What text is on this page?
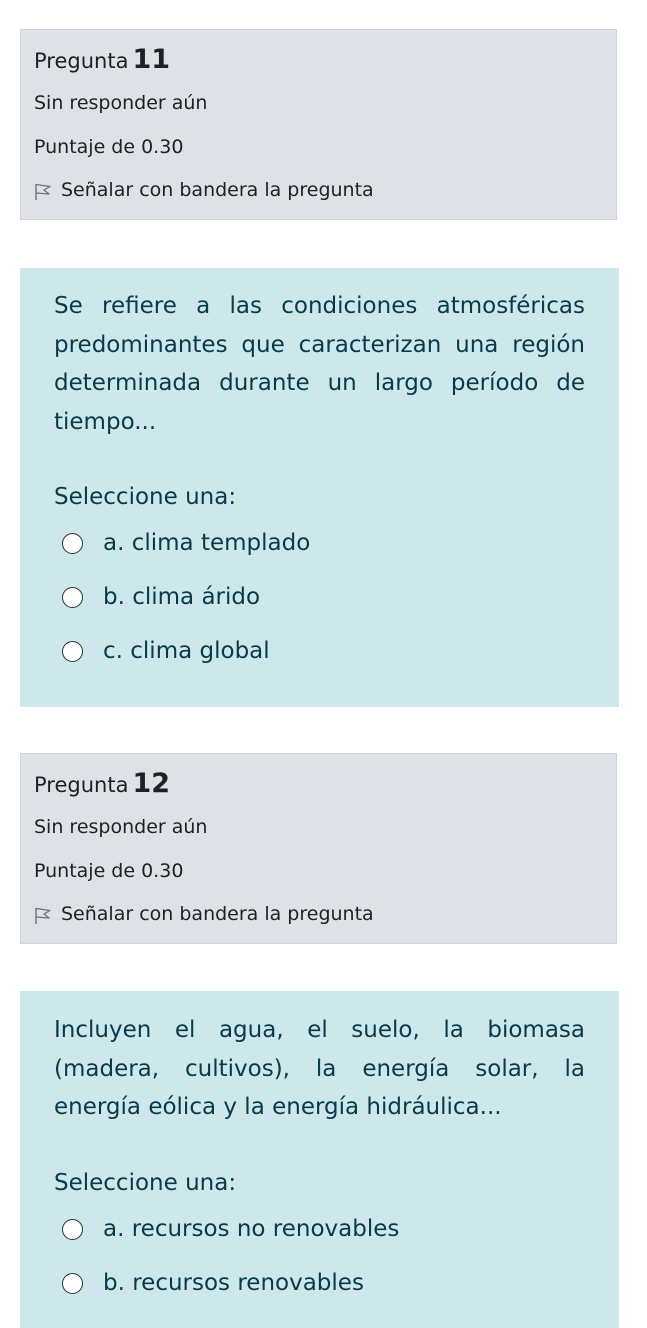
Pregunta 11
Sin responder aún
Puntaje de 0.30
Señalar con bandera la pregunta
Se refiere a las condiciones atmosféricas predominantes que caracterizan una región determinada durante un largo período de tiempo...
Seleccione una:
a. clima templado
b. clima árido
c. clima global
Pregunta 12
Sin responder aún
Puntaje de 0.30
Señalar con bandera la pregunta
Incluyen el agua, el suelo, la biomasa (madera, cultivos), la energía solar, la energía eólica y la energía hidráulica...
Seleccione una:
a. recursos no renovables
b. recursos renovables
